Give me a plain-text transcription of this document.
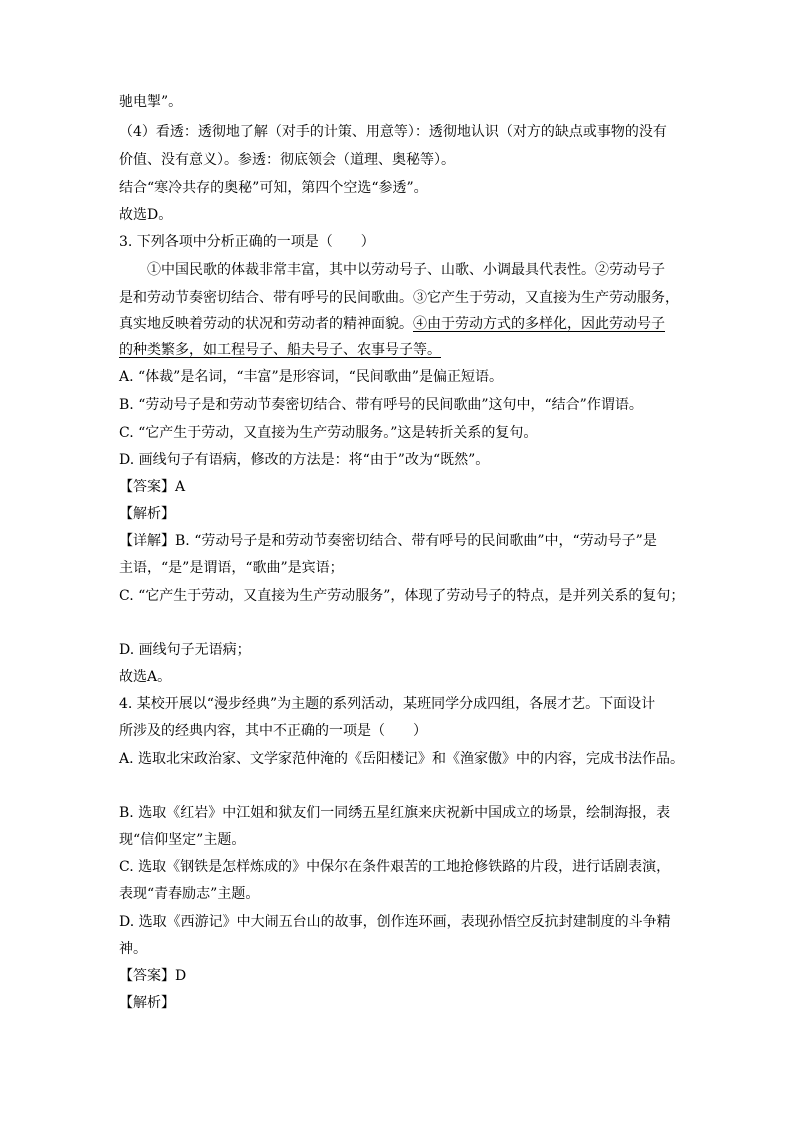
驰电掣”。
（4）看透：透彻地了解（对手的计策、用意等）：透彻地认识（对方的缺点或事物的没有
价值、没有意义）。参透：彻底领会（道理、奥秘等）。
结合“寒冷共存的奥秘”可知，第四个空选“参透”。
故选D。
3. 下列各项中分析正确的一项是（　　）
①中国民歌的体裁非常丰富，其中以劳动号子、山歌、小调最具代表性。②劳动号子
是和劳动节奏密切结合、带有呼号的民间歌曲。③它产生于劳动，又直接为生产劳动服务，
真实地反映着劳动的状况和劳动者的精神面貌。④由于劳动方式的多样化，因此劳动号子
的种类繁多，如工程号子、船夫号子、农事号子等。
A. “体裁”是名词，“丰富”是形容词，“民间歌曲”是偏正短语。
B. “劳动号子是和劳动节奏密切结合、带有呼号的民间歌曲”这句中，“结合”作谓语。
C. “它产生于劳动，又直接为生产劳动服务。”这是转折关系的复句。
D. 画线句子有语病，修改的方法是：将“由于”改为“既然”。
【答案】A
【解析】
【详解】B. “劳动号子是和劳动节奏密切结合、带有呼号的民间歌曲”中，“劳动号子”是
主语，“是”是谓语，“歌曲”是宾语；
C. “它产生于劳动，又直接为生产劳动服务”，体现了劳动号子的特点，是并列关系的复句；
D. 画线句子无语病；
故选A。
4. 某校开展以“漫步经典”为主题的系列活动，某班同学分成四组，各展才艺。下面设计
所涉及的经典内容，其中不正确的一项是（　　）
A. 选取北宋政治家、文学家范仲淹的《岳阳楼记》和《渔家傲》中的内容，完成书法作品。
B. 选取《红岩》中江姐和狱友们一同绣五星红旗来庆祝新中国成立的场景，绘制海报，表
现“信仰坚定”主题。
C. 选取《钢铁是怎样炼成的》中保尔在条件艰苦的工地抢修铁路的片段，进行话剧表演，
表现“青春励志”主题。
D. 选取《西游记》中大闹五台山的故事，创作连环画，表现孙悟空反抗封建制度的斗争精
神。
【答案】D
【解析】
